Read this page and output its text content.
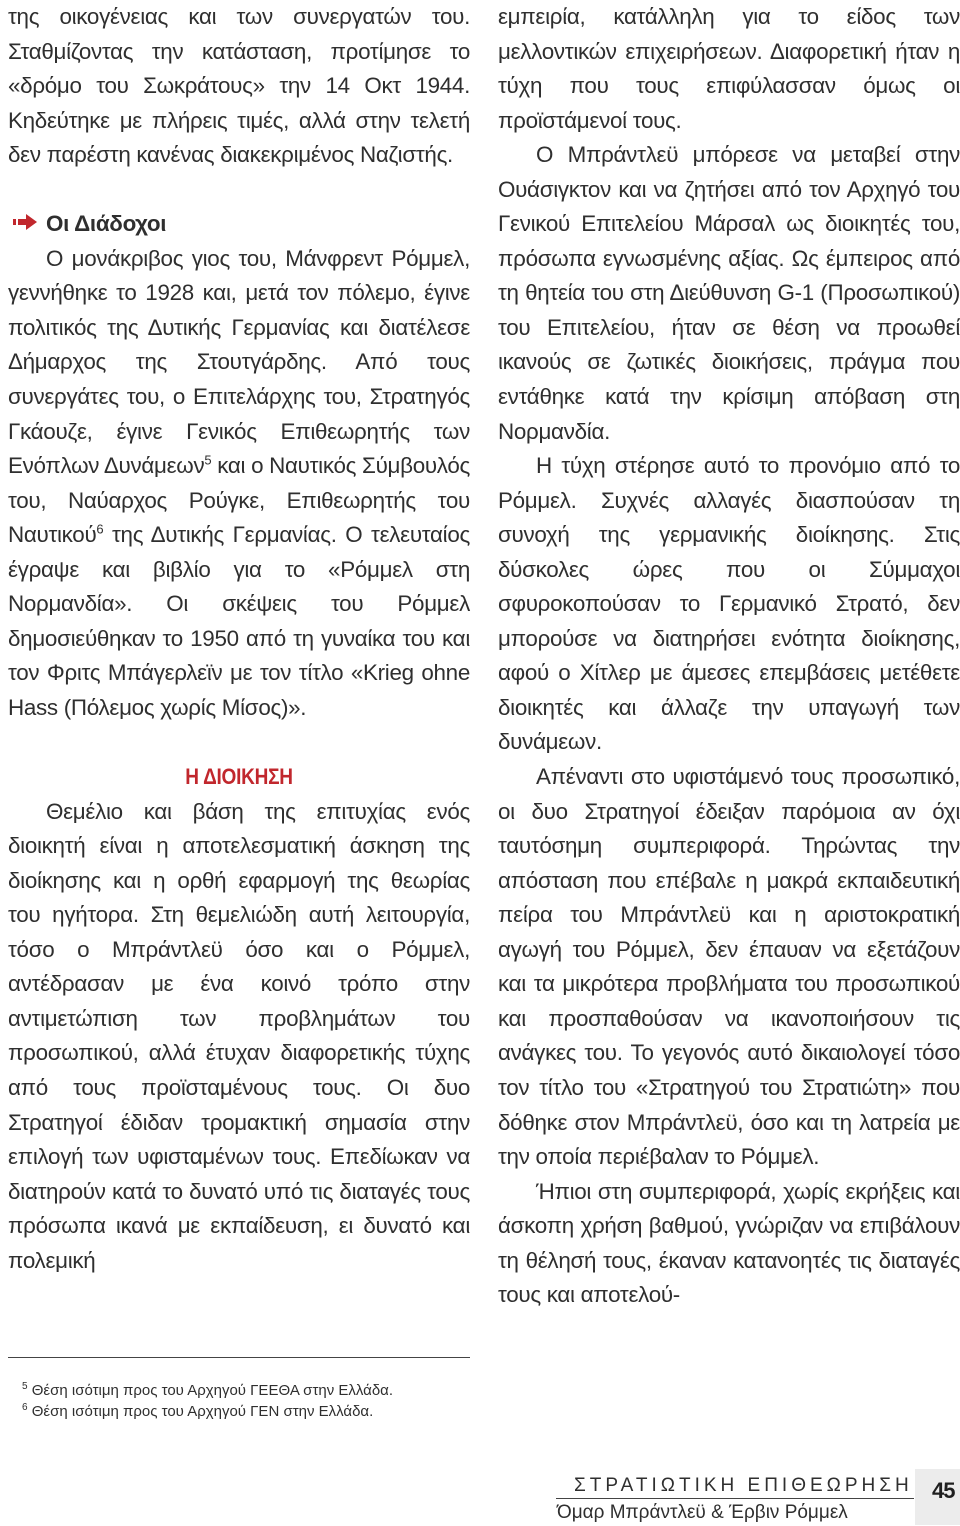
της οικογένειας και των συνεργατών του. Σταθμίζοντας την κατάσταση, προτίμησε το «δρόμο του Σωκράτους» την 14 Οκτ 1944. Κηδεύτηκε με πλήρεις τιμές, αλλά στην τελετή δεν παρέστη κανένας διακεκριμένος Ναζιστής.

Οι Διάδοχοι

Ο μονάκριβος γιος του, Μάνφρεντ Ρόμμελ, γεννήθηκε το 1928 και, μετά τον πόλεμο, έγινε πολιτικός της Δυτικής Γερμανίας και διατέλεσε Δήμαρχος της Στουτγάρδης. Από τους συνεργάτες του, ο Επιτελάρχης του, Στρατηγός Γκάουζε, έγινε Γενικός Επιθεωρητής των Ενόπλων Δυνάμεων$^5$ και ο Ναυτικός Σύμβουλός του, Ναύαρχος Ρούγκε, Επιθεωρητής του Ναυτικού$^6$ της Δυτικής Γερμανίας. Ο τελευταίος έγραψε και βιβλίο για το «Ρόμμελ στη Νορμανδία». Οι σκέψεις του Ρόμμελ δημοσιεύθηκαν το 1950 από τη γυναίκα του και τον Φριτς Μπάγερλεϊν με τον τίτλο «Krieg ohne Hass (Πόλεμος χωρίς Μίσος)».

Η ΔΙΟΙΚΗΣΗ

Θεμέλιο και βάση της επιτυχίας ενός διοικητή είναι η αποτελεσματική άσκηση της διοίκησης και η ορθή εφαρμογή της θεωρίας του ηγήτορα. Στη θεμελιώδη αυτή λειτουργία, τόσο ο Μπράντλεϋ όσο και ο Ρόμμελ, αντέδρασαν με ένα κοινό τρόπο στην αντιμετώπιση των προβλημάτων του προσωπικού, αλλά έτυχαν διαφορετικής τύχης από τους προϊσταμένους τους. Οι δυο Στρατηγοί έδιδαν τρομακτική σημασία στην επιλογή των υφισταμένων τους. Επεδίωκαν να διατηρούν κατά το δυνατό υπό τις διαταγές τους πρόσωπα ικανά με εκπαίδευση, ει δυνατό και πολεμική

εμπειρία, κατάλληλη για το είδος των μελλοντικών επιχειρήσεων. Διαφορετική ήταν η τύχη που τους επιφύλασσαν όμως οι προϊστάμενοί τους.

Ο Μπράντλεϋ μπόρεσε να μεταβεί στην Ουάσιγκτον και να ζητήσει από τον Αρχηγό του Γενικού Επιτελείου Μάρσαλ ως διοικητές του, πρόσωπα εγνωσμένης αξίας. Ως έμπειρος από τη θητεία του στη Διεύθυνση G-1 (Προσωπικού) του Επιτελείου, ήταν σε θέση να προωθεί ικανούς σε ζωτικές διοικήσεις, πράγμα που εντάθηκε κατά την κρίσιμη απόβαση στη Νορμανδία.

Η τύχη στέρησε αυτό το προνόμιο από το Ρόμμελ. Συχνές αλλαγές διασπούσαν τη συνοχή της γερμανικής διοίκησης. Στις δύσκολες ώρες που οι Σύμμαχοι σφυροκοπούσαν το Γερμανικό Στρατό, δεν μπορούσε να διατηρήσει ενότητα διοίκησης, αφού ο Χίτλερ με άμεσες επεμβάσεις μετέθετε διοικητές και άλλαζε την υπαγωγή των δυνάμεων.

Απέναντι στο υφιστάμενό τους προσωπικό, οι δυο Στρατηγοί έδειξαν παρόμοια αν όχι ταυτόσημη συμπεριφορά. Τηρώντας την απόσταση που επέβαλε η μακρά εκπαιδευτική πείρα του Μπράντλεϋ και η αριστοκρατική αγωγή του Ρόμμελ, δεν έπαυαν να εξετάζουν και τα μικρότερα προβλήματα του προσωπικού και προσπαθούσαν να ικανοποιήσουν τις ανάγκες του. Το γεγονός αυτό δικαιολογεί τόσο τον τίτλο του «Στρατηγού του Στρατιώτη» που δόθηκε στον Μπράντλεϋ, όσο και τη λατρεία με την οποία περιέβαλαν το Ρόμμελ.

Ήπιοι στη συμπεριφορά, χωρίς εκρήξεις και άσκοπη χρήση βαθμού, γνώριζαν να επιβάλουν τη θέλησή τους, έκαναν κατανοητές τις διαταγές τους και αποτελού-

$^5$ Θέση ισότιμη προς του Αρχηγού ΓΕΕΘΑ στην Ελλάδα.
$^6$ Θέση ισότιμη προς του Αρχηγού ΓΕΝ στην Ελλάδα.
ΣΤΡΑΤΙΩΤΙΚΗ ΕΠΙΘΕΩΡΗΣΗ
Όμαρ Μπράντλεϋ & Έρβιν Ρόμμελ
45
